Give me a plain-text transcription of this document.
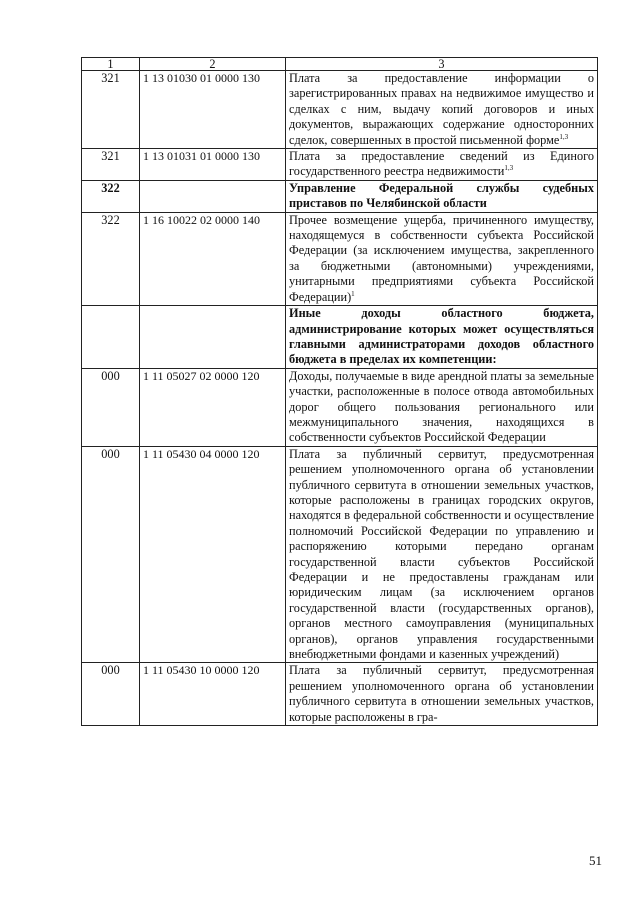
1	2	3
321	1 13 01030 01 0000 130	Плата за предоставление информации о зарегистрированных правах на недвижимое имущество и сделках с ним, выдачу копий договоров и иных документов, выражающих содержание односторонних сделок, совершенных в простой письменной форме$^{1,3}$
321	1 13 01031 01 0000 130	Плата за предоставление сведений из Единого государственного реестра недвижимости$^{1,3}$
322		Управление Федеральной службы судебных приставов по Челябинской области
322	1 16 10022 02 0000 140	Прочее возмещение ущерба, причиненного имуществу, находящемуся в собственности субъекта Российской Федерации (за исключением имущества, закрепленного за бюджетными (автономными) учреждениями, унитарными предприятиями субъекта Российской Федерации)$^1$
		Иные доходы областного бюджета, администрирование которых может осуществляться главными администраторами доходов областного бюджета в пределах их компетенции:
000	1 11 05027 02 0000 120	Доходы, получаемые в виде арендной платы за земельные участки, расположенные в полосе отвода автомобильных дорог общего пользования регионального или межмуниципального значения, находящихся в собственности субъектов Российской Федерации
000	1 11 05430 04 0000 120	Плата за публичный сервитут, предусмотренная решением уполномоченного органа об установлении публичного сервитута в отношении земельных участков, которые расположены в границах городских округов, находятся в федеральной собственности и осуществление полномочий Российской Федерации по управлению и распоряжению которыми передано органам государственной власти субъектов Российской Федерации и не предоставлены гражданам или юридическим лицам (за исключением органов государственной власти (государственных органов), органов местного самоуправления (муниципальных органов), органов управления государственными внебюджетными фондами и казенных учреждений)
000	1 11 05430 10 0000 120	Плата за публичный сервитут, предусмотренная решением уполномоченного органа об установлении публичного сервитута в отношении земельных участков, которые расположены в гра-
51
